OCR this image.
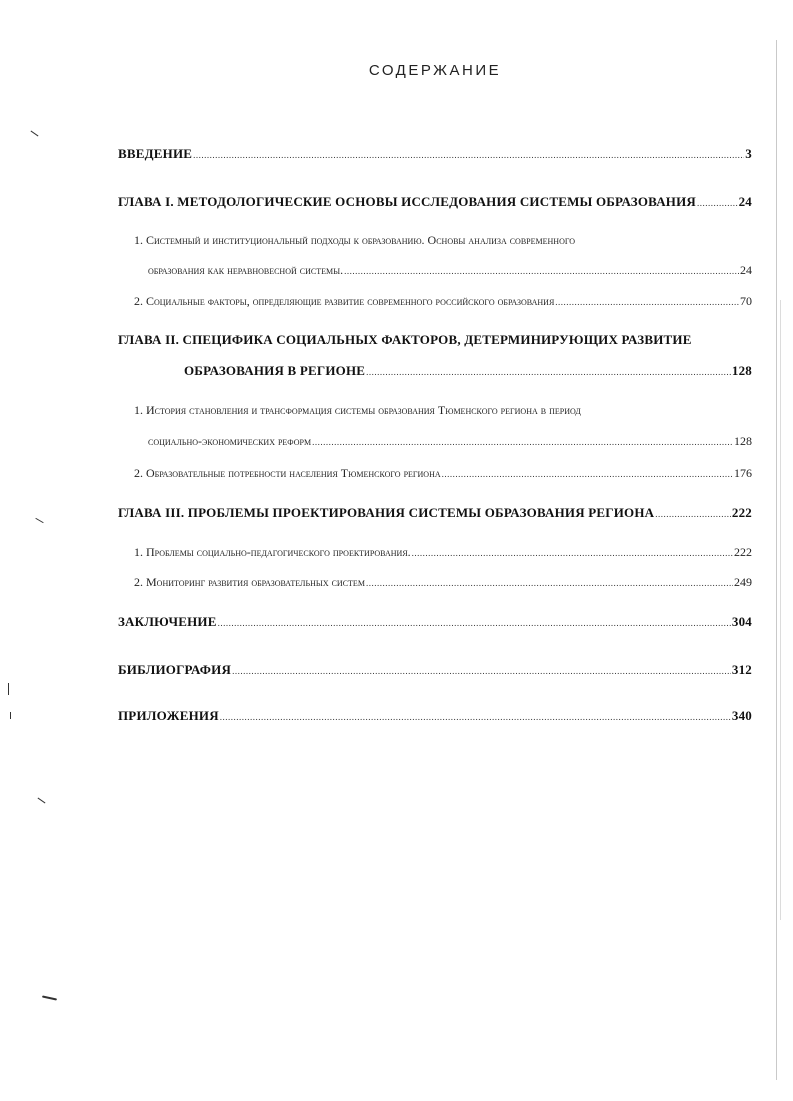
СОДЕРЖАНИЕ
ВВЕДЕНИЕ .....	3
ГЛАВА I. МЕТОДОЛОГИЧЕСКИЕ ОСНОВЫ ИССЛЕДОВАНИЯ СИСТЕМЫ ОБРАЗОВАНИЯ .....	24
1. Системный и институциональный подходы к образованию. Основы анализа современного
образования как неравновесной системы. .....	24
2. Социальные факторы, определяющие развитие современного российского образования .....	70
ГЛАВА II. СПЕЦИФИКА СОЦИАЛЬНЫХ ФАКТОРОВ, ДЕТЕРМИНИРУЮЩИХ РАЗВИТИЕ
ОБРАЗОВАНИЯ В РЕГИОНЕ .....	128
1. История становления и трансформация системы образования Тюменского региона в период
социально-экономических реформ .....	128
2. Образовательные потребности населения Тюменского региона .....	176
ГЛАВА III. ПРОБЛЕМЫ ПРОЕКТИРОВАНИЯ СИСТЕМЫ ОБРАЗОВАНИЯ РЕГИОНА .....	222
1. Проблемы социально-педагогического проектирования. .....	222
2. Мониторинг развития образовательных систем .....	249
ЗАКЛЮЧЕНИЕ .....	304
БИБЛИОГРАФИЯ .....	312
ПРИЛОЖЕНИЯ .....	340
